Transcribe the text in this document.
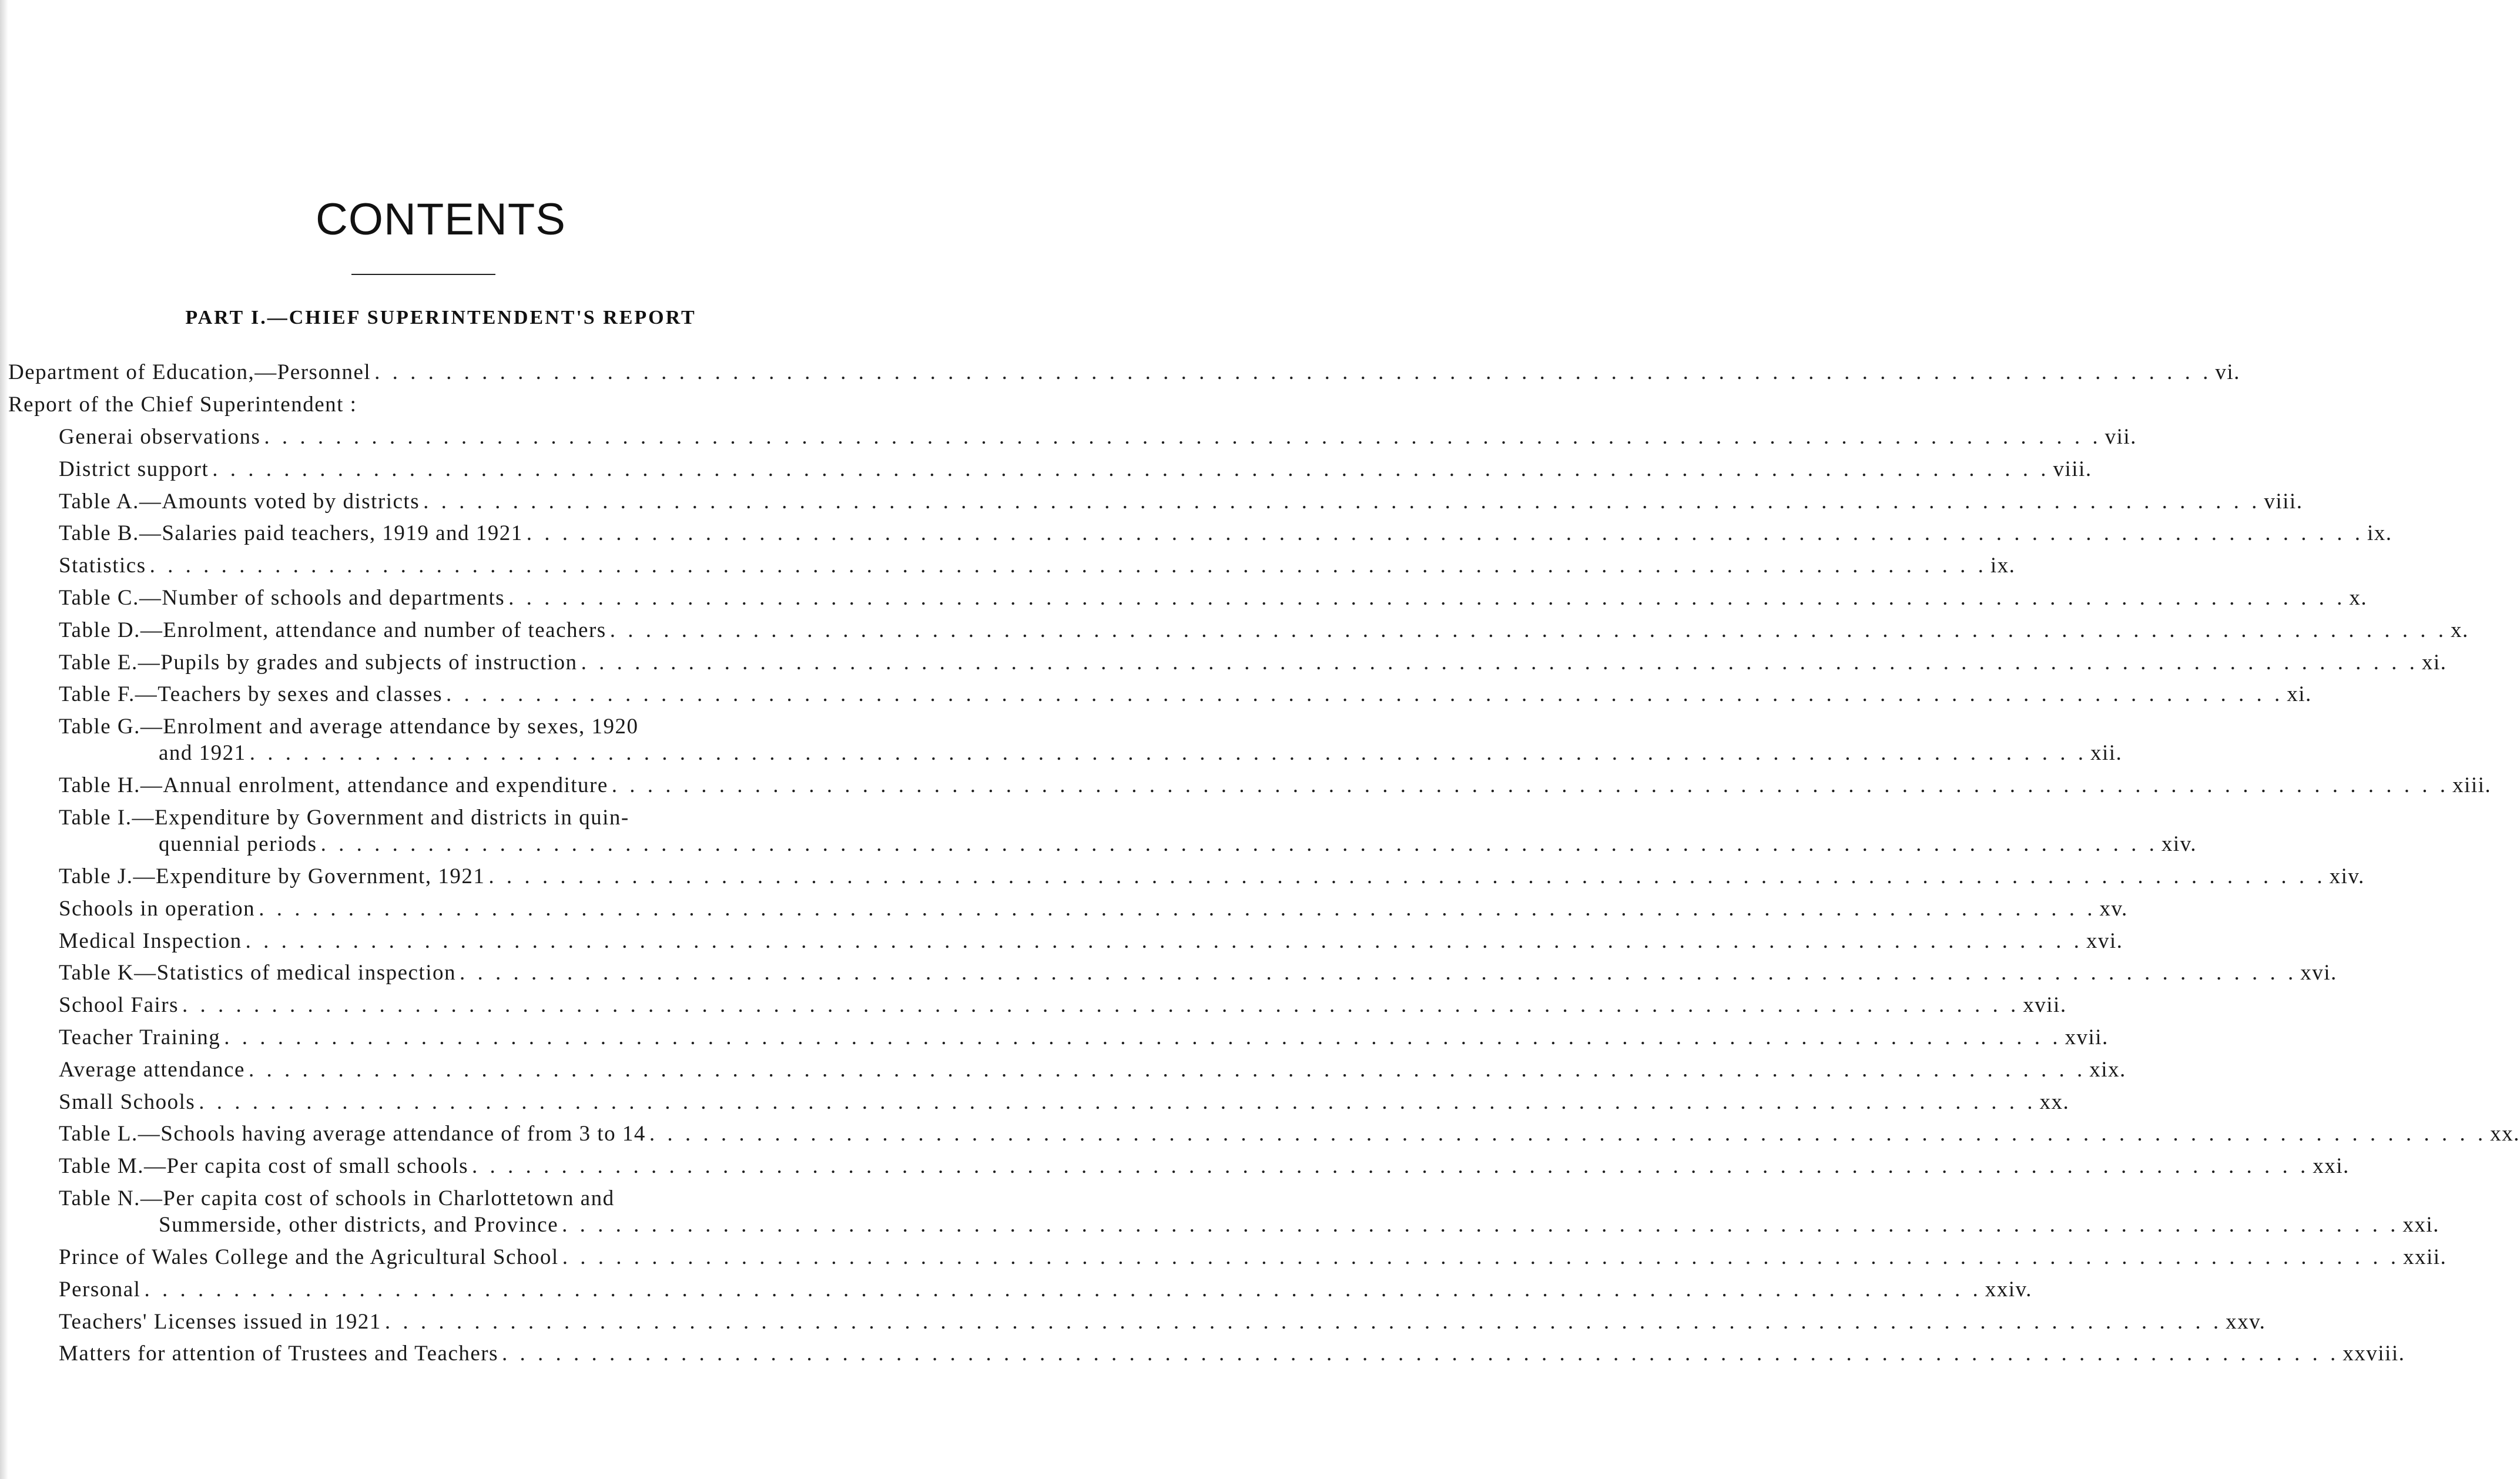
CONTENTS
PART I.—CHIEF SUPERINTENDENT'S REPORT
Department of Education,—Personnel . . . . . . . . . . . . . . . . . . . . . . . . . . . . . . . . . . . . . . . . . . . . . . . . . . . . . . . . . . . . . . . . . . . . . . . . . . . . . . . . . . . . . . . . . . . . . . . . . . . . . . . vi.
Report of the Chief Superintendent :
Generai observations . . . . . . . . . . . . . . . . . . . . . . . . . . . . . . . . . . . . . . . . . . . . . . . . . . . . . . . . . . . . . . . . . . . . . . . . . . . . . . . . . . . . . . . . . . . . . . . . . . . . . . . vii.
District support . . . . . . . . . . . . . . . . . . . . . . . . . . . . . . . . . . . . . . . . . . . . . . . . . . . . . . . . . . . . . . . . . . . . . . . . . . . . . . . . . . . . . . . . . . . . . . . . . . . . . . . viii.
Table A.—Amounts voted by districts . . . . . . . . . . . . . . . . . . . . . . . . . . . . . . . . . . . . . . . . . . . . . . . . . . . . . . . . . . . . . . . . . . . . . . . . . . . . . . . . . . . . . . . . . . . . . . . . . . . . . . . viii.
Table B.—Salaries paid teachers, 1919 and 1921 . . . . . . . . . . . . . . . . . . . . . . . . . . . . . . . . . . . . . . . . . . . . . . . . . . . . . . . . . . . . . . . . . . . . . . . . . . . . . . . . . . . . . . . . . . . . . . . . . . . . . . . ix.
Statistics . . . . . . . . . . . . . . . . . . . . . . . . . . . . . . . . . . . . . . . . . . . . . . . . . . . . . . . . . . . . . . . . . . . . . . . . . . . . . . . . . . . . . . . . . . . . . . . . . . . . . . . ix.
Table C.—Number of schools and departments . . . . . . . . . . . . . . . . . . . . . . . . . . . . . . . . . . . . . . . . . . . . . . . . . . . . . . . . . . . . . . . . . . . . . . . . . . . . . . . . . . . . . . . . . . . . . . . . . . . . . . . x.
Table D.—Enrolment, attendance and number of teachers . . . . . . . . . . . . . . . . . . . . . . . . . . . . . . . . . . . . . . . . . . . . . . . . . . . . . . . . . . . . . . . . . . . . . . . . . . . . . . . . . . . . . . . . . . . . . . . . . . . . . . . x.
Table E.—Pupils by grades and subjects of instruction . . . . . . . . . . . . . . . . . . . . . . . . . . . . . . . . . . . . . . . . . . . . . . . . . . . . . . . . . . . . . . . . . . . . . . . . . . . . . . . . . . . . . . . . . . . . . . . . . . . . . . . xi.
Table F.—Teachers by sexes and classes . . . . . . . . . . . . . . . . . . . . . . . . . . . . . . . . . . . . . . . . . . . . . . . . . . . . . . . . . . . . . . . . . . . . . . . . . . . . . . . . . . . . . . . . . . . . . . . . . . . . . . . xi.
Table G.—Enrolment and average attendance by sexes, 1920
and 1921 . . . . . . . . . . . . . . . . . . . . . . . . . . . . . . . . . . . . . . . . . . . . . . . . . . . . . . . . . . . . . . . . . . . . . . . . . . . . . . . . . . . . . . . . . . . . . . . . . . . . . . . xii.
Table H.—Annual enrolment, attendance and expenditure . . . . . . . . . . . . . . . . . . . . . . . . . . . . . . . . . . . . . . . . . . . . . . . . . . . . . . . . . . . . . . . . . . . . . . . . . . . . . . . . . . . . . . . . . . . . . . . . . . . . . . . xiii.
Table I.—Expenditure by Government and districts in quin-
quennial periods . . . . . . . . . . . . . . . . . . . . . . . . . . . . . . . . . . . . . . . . . . . . . . . . . . . . . . . . . . . . . . . . . . . . . . . . . . . . . . . . . . . . . . . . . . . . . . . . . . . . . . . xiv.
Table J.—Expenditure by Government, 1921 . . . . . . . . . . . . . . . . . . . . . . . . . . . . . . . . . . . . . . . . . . . . . . . . . . . . . . . . . . . . . . . . . . . . . . . . . . . . . . . . . . . . . . . . . . . . . . . . . . . . . . . xiv.
Schools in operation . . . . . . . . . . . . . . . . . . . . . . . . . . . . . . . . . . . . . . . . . . . . . . . . . . . . . . . . . . . . . . . . . . . . . . . . . . . . . . . . . . . . . . . . . . . . . . . . . . . . . . . xv.
Medical Inspection . . . . . . . . . . . . . . . . . . . . . . . . . . . . . . . . . . . . . . . . . . . . . . . . . . . . . . . . . . . . . . . . . . . . . . . . . . . . . . . . . . . . . . . . . . . . . . . . . . . . . . . xvi.
Table K—Statistics of medical inspection . . . . . . . . . . . . . . . . . . . . . . . . . . . . . . . . . . . . . . . . . . . . . . . . . . . . . . . . . . . . . . . . . . . . . . . . . . . . . . . . . . . . . . . . . . . . . . . . . . . . . . . xvi.
School Fairs . . . . . . . . . . . . . . . . . . . . . . . . . . . . . . . . . . . . . . . . . . . . . . . . . . . . . . . . . . . . . . . . . . . . . . . . . . . . . . . . . . . . . . . . . . . . . . . . . . . . . . . xvii.
Teacher Training . . . . . . . . . . . . . . . . . . . . . . . . . . . . . . . . . . . . . . . . . . . . . . . . . . . . . . . . . . . . . . . . . . . . . . . . . . . . . . . . . . . . . . . . . . . . . . . . . . . . . . . xvii.
Average attendance . . . . . . . . . . . . . . . . . . . . . . . . . . . . . . . . . . . . . . . . . . . . . . . . . . . . . . . . . . . . . . . . . . . . . . . . . . . . . . . . . . . . . . . . . . . . . . . . . . . . . . . xix.
Small Schools . . . . . . . . . . . . . . . . . . . . . . . . . . . . . . . . . . . . . . . . . . . . . . . . . . . . . . . . . . . . . . . . . . . . . . . . . . . . . . . . . . . . . . . . . . . . . . . . . . . . . . . xx.
Table L.—Schools having average attendance of from 3 to 14 . . . . . . . . . . . . . . . . . . . . . . . . . . . . . . . . . . . . . . . . . . . . . . . . . . . . . . . . . . . . . . . . . . . . . . . . . . . . . . . . . . . . . . . . . . . . . . . . . . . . . . . xx.
Table M.—Per capita cost of small schools . . . . . . . . . . . . . . . . . . . . . . . . . . . . . . . . . . . . . . . . . . . . . . . . . . . . . . . . . . . . . . . . . . . . . . . . . . . . . . . . . . . . . . . . . . . . . . . . . . . . . . . xxi.
Table N.—Per capita cost of schools in Charlottetown and
Summerside, other districts, and Province . . . . . . . . . . . . . . . . . . . . . . . . . . . . . . . . . . . . . . . . . . . . . . . . . . . . . . . . . . . . . . . . . . . . . . . . . . . . . . . . . . . . . . . . . . . . . . . . . . . . . . . xxi.
Prince of Wales College and the Agricultural School . . . . . . . . . . . . . . . . . . . . . . . . . . . . . . . . . . . . . . . . . . . . . . . . . . . . . . . . . . . . . . . . . . . . . . . . . . . . . . . . . . . . . . . . . . . . . . . . . . . . . . . xxii.
Personal . . . . . . . . . . . . . . . . . . . . . . . . . . . . . . . . . . . . . . . . . . . . . . . . . . . . . . . . . . . . . . . . . . . . . . . . . . . . . . . . . . . . . . . . . . . . . . . . . . . . . . . xxiv.
Teachers' Licenses issued in 1921 . . . . . . . . . . . . . . . . . . . . . . . . . . . . . . . . . . . . . . . . . . . . . . . . . . . . . . . . . . . . . . . . . . . . . . . . . . . . . . . . . . . . . . . . . . . . . . . . . . . . . . . xxv.
Matters for attention of Trustees and Teachers . . . . . . . . . . . . . . . . . . . . . . . . . . . . . . . . . . . . . . . . . . . . . . . . . . . . . . . . . . . . . . . . . . . . . . . . . . . . . . . . . . . . . . . . . . . . . . . . . . . . . . . xxviii.
